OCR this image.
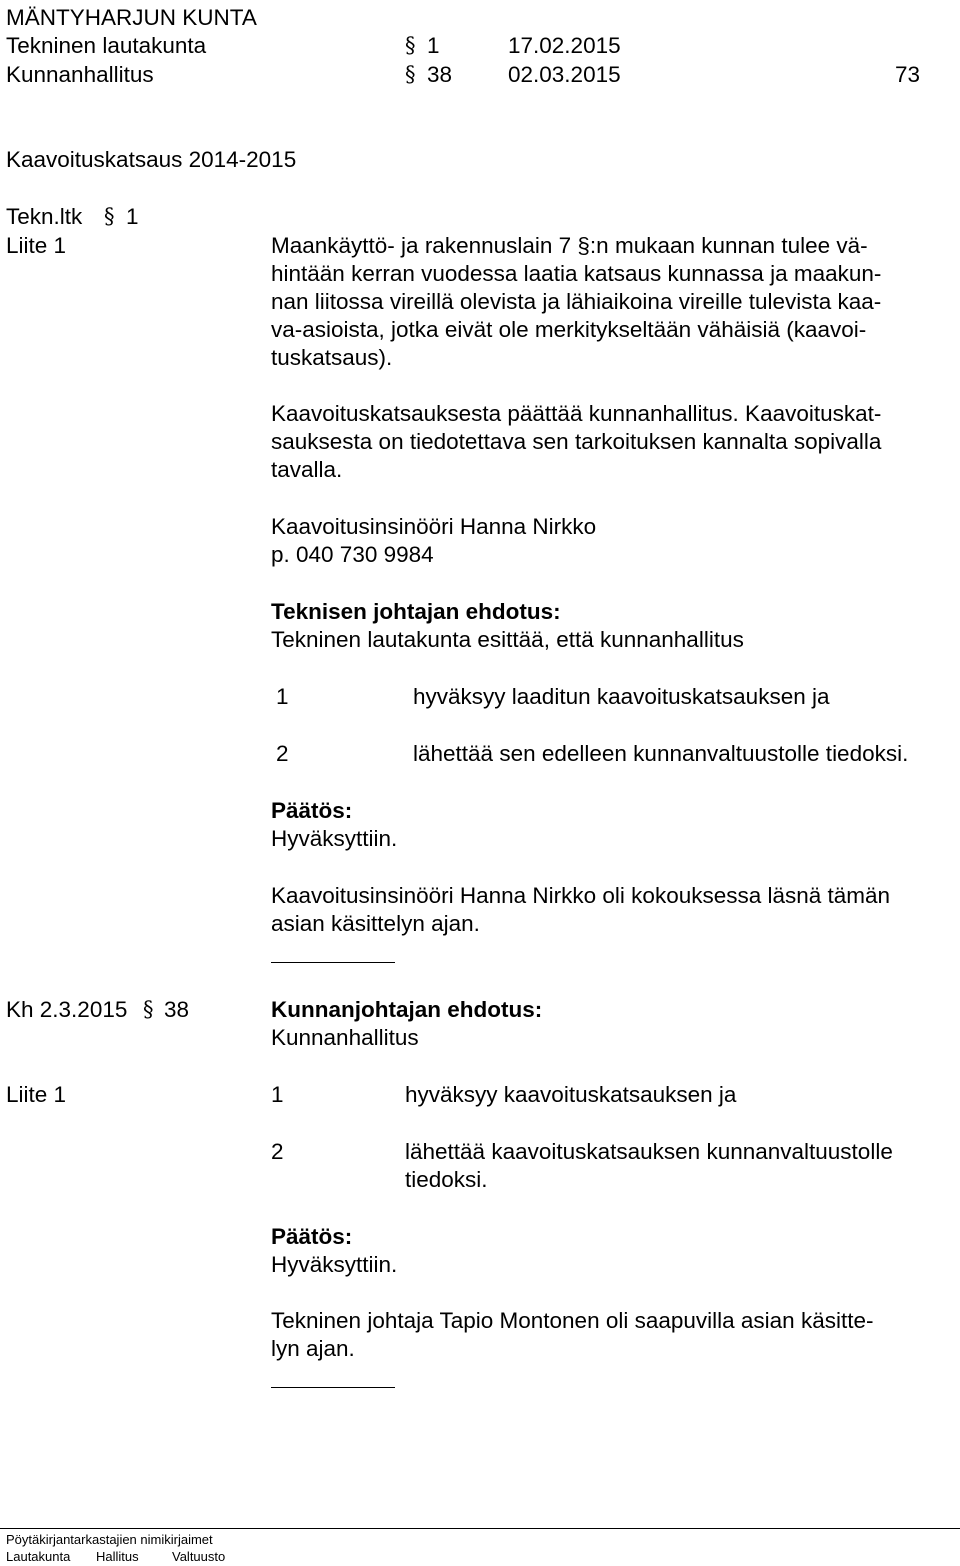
MÄNTYHARJUN KUNTA
Tekninen lautakunta	§ 1	17.02.2015
Kunnanhallitus	§ 38 02.03.2015	73
Kaavoituskatsaus 2014-2015
Tekn.ltk § 1
Liite 1	Maankäyttö- ja rakennuslain 7 §:n mukaan kunnan tulee vä-
hintään kerran vuodessa laatia katsaus kunnassa ja maakun-
nan liitossa vireillä olevista ja lähiaikoina vireille tulevista kaa-
va-asioista, jotka eivät ole merkitykseltään vähäisiä (kaavoi-
tuskatsaus).
Kaavoituskatsauksesta päättää kunnanhallitus. Kaavoituskat-
sauksesta on tiedotettava sen tarkoituksen kannalta sopivalla
tavalla.
Kaavoitusinsinööri Hanna Nirkko
p. 040 730 9984
Teknisen johtajan ehdotus:
Tekninen lautakunta esittää, että kunnanhallitus
1	hyväksyy laaditun kaavoituskatsauksen ja
2	lähettää sen edelleen kunnanvaltuustolle tiedoksi.
Päätös:
Hyväksyttiin.
Kaavoitusinsinööri Hanna Nirkko oli kokouksessa läsnä tämän
asian käsittelyn ajan.
Kh 2.3.2015 § 38	Kunnanjohtajan ehdotus:
Kunnanhallitus
Liite 1	1	hyväksyy kaavoituskatsauksen ja
2	lähettää kaavoituskatsauksen kunnanvaltuustolle
tiedoksi.
Päätös:
Hyväksyttiin.
Tekninen johtaja Tapio Montonen oli saapuvilla asian käsitte-
lyn ajan.
Pöytäkirjantarkastajien nimikirjaimet
Lautakunta Hallitus	Valtuusto
